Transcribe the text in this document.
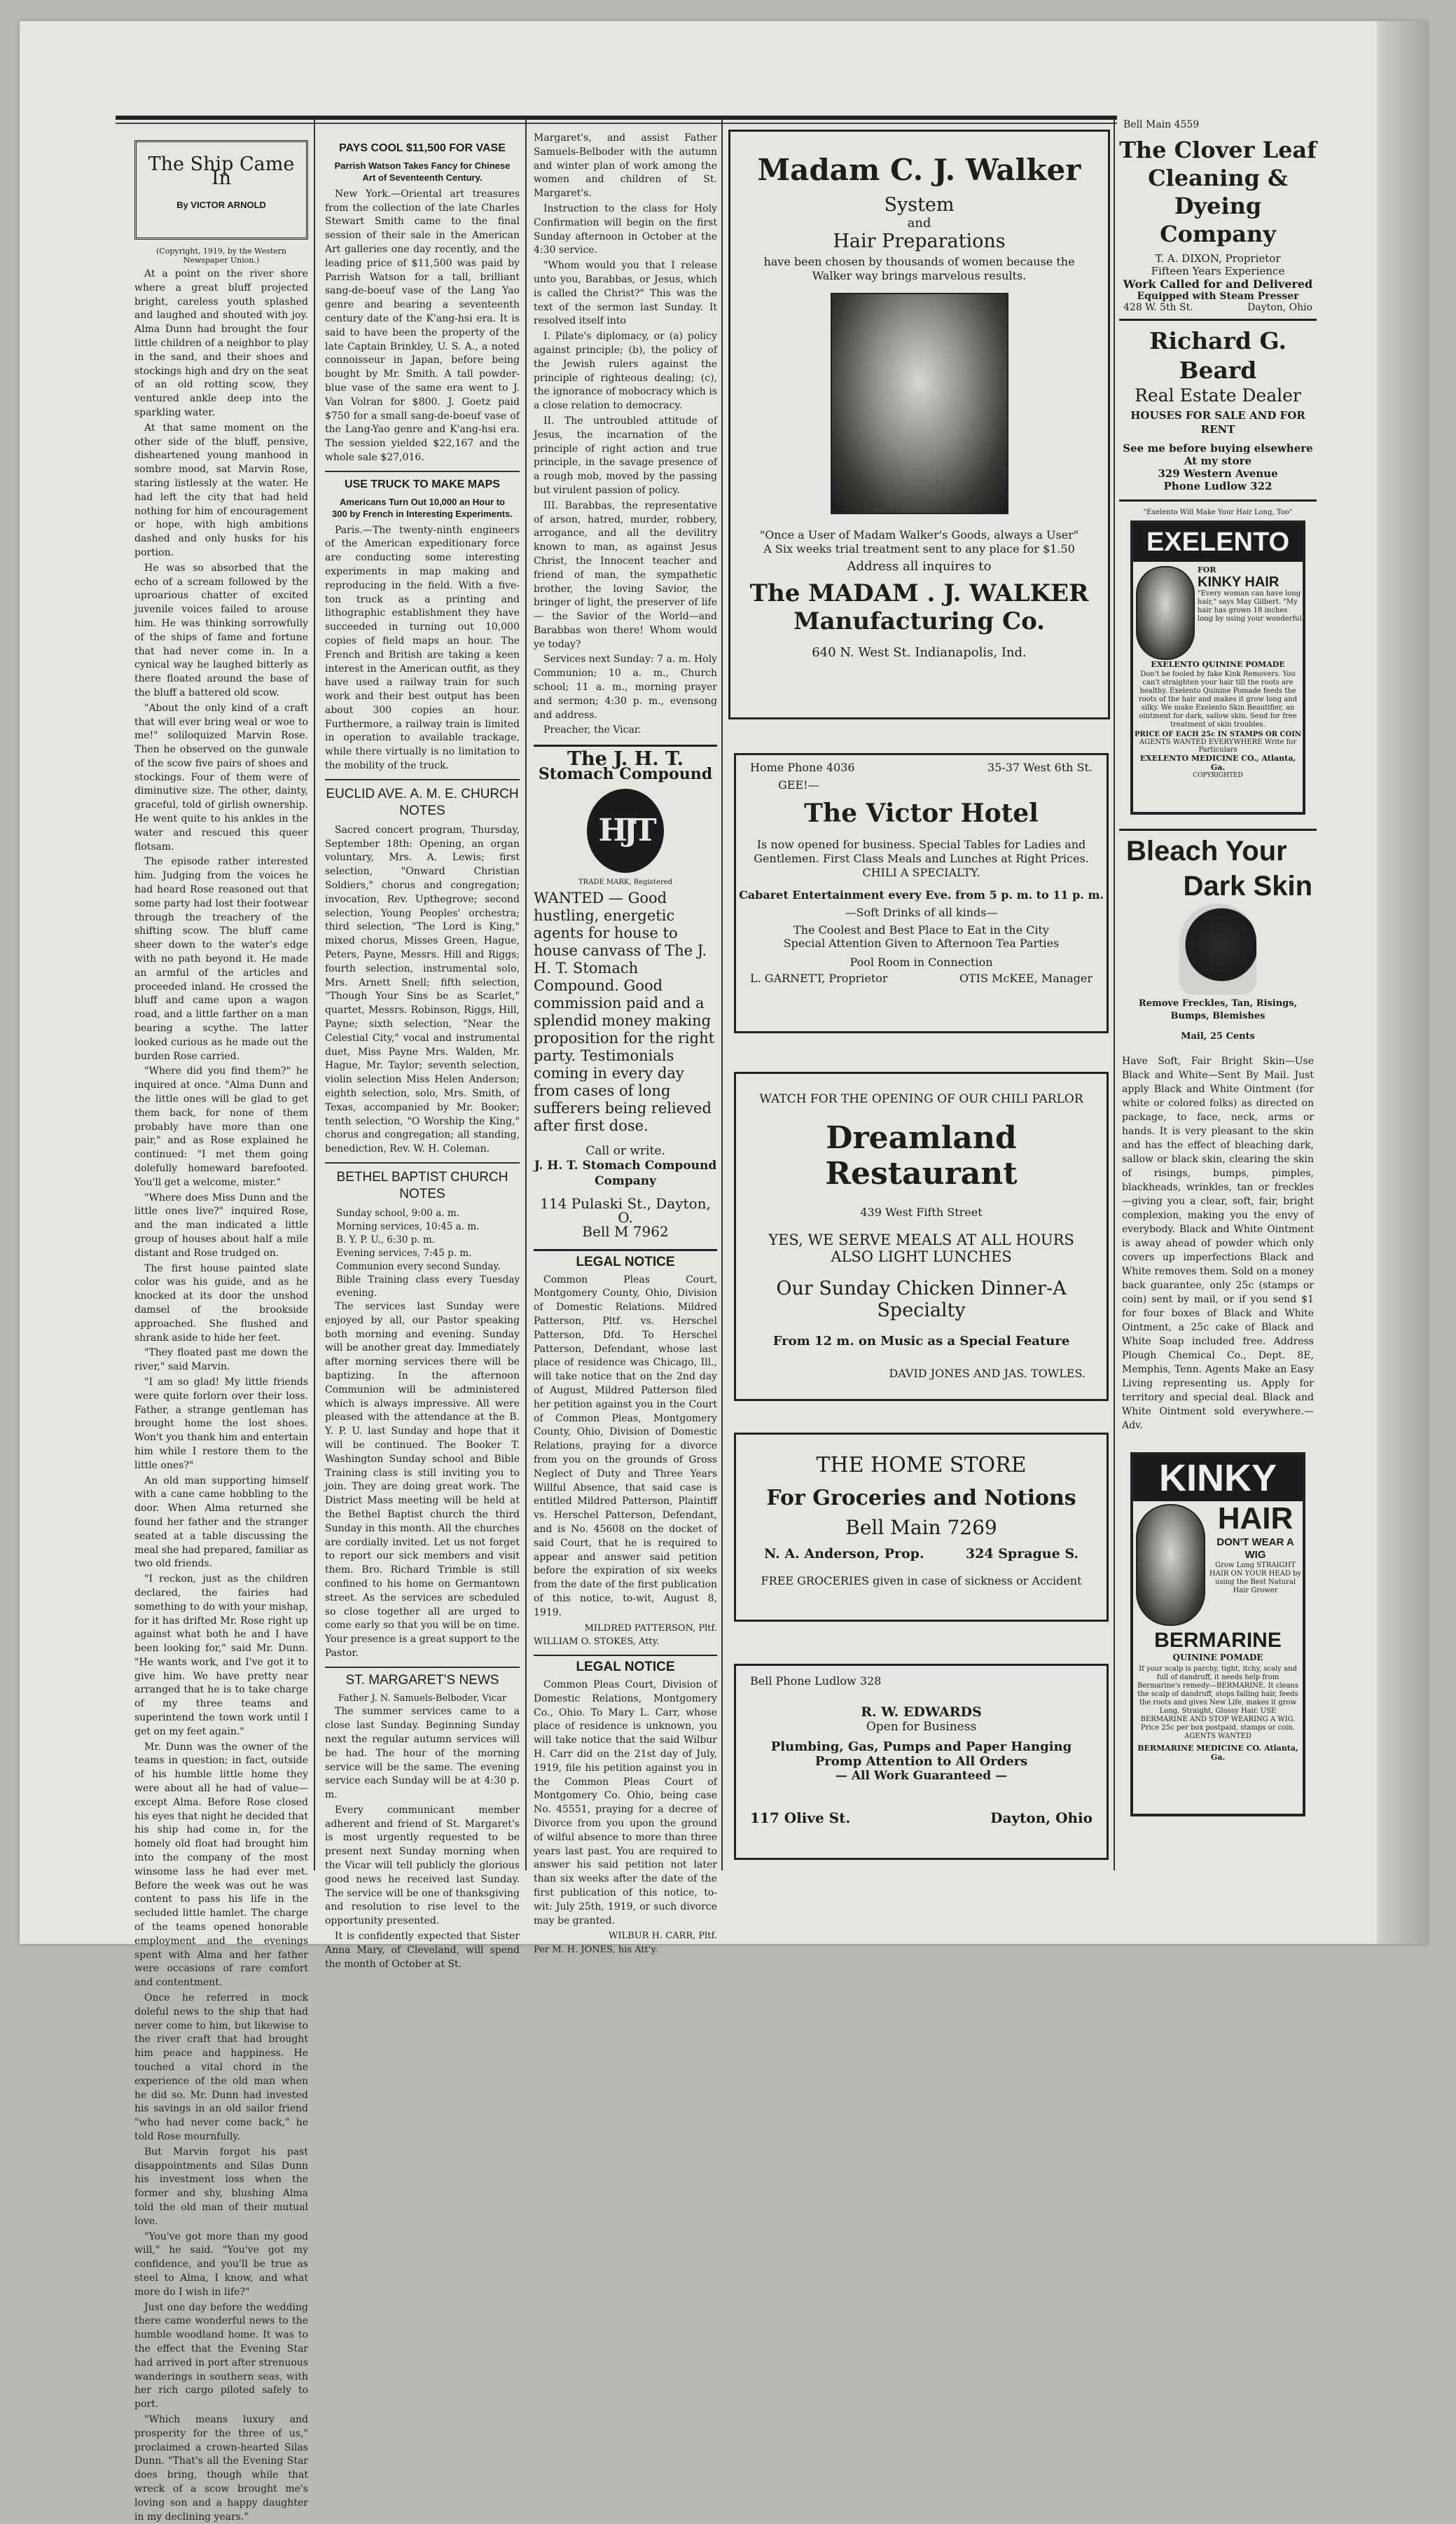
The Ship Came In
By VICTOR ARNOLD
(Copyright, 1919, by the Western Newspaper Union.)

At a point on the river shore where a great bluff projected bright, careless youth splashed and laughed and shouted with joy. Alma Dunn had brought the four little children of a neighbor to play in the sand, and their shoes and stockings high and dry on the seat of an old rotting scow, they ventured ankle deep into the sparkling water.

At that same moment on the other side of the bluff, pensive, disheartened young manhood in sombre mood, sat Marvin Rose, staring listlessly at the water. He had left the city that had held nothing for him of encouragement or hope, with high ambitions dashed and only husks for his portion.

He was so absorbed that the echo of a scream followed by the uproarious chatter of excited juvenile voices failed to arouse him. He was thinking sorrowfully of the ships of fame and fortune that had never come in. In a cynical way he laughed bitterly as there floated around the base of the bluff a battered old scow.

"About the only kind of a craft that will ever bring weal or woe to me!" soliloquized Marvin Rose. Then he observed on the gunwale of the scow five pairs of shoes and stockings. Four of them were of diminutive size. The other, dainty, graceful, told of girlish ownership. He went quite to his ankles in the water and rescued this queer flotsam.

The episode rather interested him. Judging from the voices he had heard Rose reasoned out that some party had lost their footwear through the treachery of the shifting scow. The bluff came sheer down to the water's edge with no path beyond it. He made an armful of the articles and proceeded inland. He crossed the bluff and came upon a wagon road, and a little farther on a man bearing a scythe. The latter looked curious as he made out the burden Rose carried.

"Where did you find them?" he inquired at once. "Alma Dunn and the little ones will be glad to get them back, for none of them probably have more than one pair," and as Rose explained he continued: "I met them going dolefully homeward barefooted. You'll get a welcome, mister."

"Where does Miss Dunn and the little ones live?" inquired Rose, and the man indicated a little group of houses about half a mile distant and Rose trudged on.

The first house painted slate color was his guide, and as he knocked at its door the unshod damsel of the brookside approached. She flushed and shrank aside to hide her feet.

"They floated past me down the river," said Marvin.

"I am so glad! My little friends were quite forlorn over their loss. Father, a strange gentleman has brought home the lost shoes. Won't you thank him and entertain him while I restore them to the little ones?"

An old man supporting himself with a cane came hobbling to the door. When Alma returned she found her father and the stranger seated at a table discussing the meal she had prepared, familiar as two old friends.

"I reckon, just as the children declared, the fairies had something to do with your mishap, for it has drifted Mr. Rose right up against what both he and I have been looking for," said Mr. Dunn. "He wants work, and I've got it to give him. We have pretty near arranged that he is to take charge of my three teams and superintend the town work until I get on my feet again."

Mr. Dunn was the owner of the teams in question; in fact, outside of his humble little home they were about all he had of value—except Alma. Before Rose closed his eyes that night he decided that his ship had come in, for the homely old float had brought him into the company of the most winsome lass he had ever met. Before the week was out he was content to pass his life in the secluded little hamlet. The charge of the teams opened honorable employment and the evenings spent with Alma and her father were occasions of rare comfort and contentment.

Once he referred in mock doleful news to the ship that had never come to him, but likewise to the river craft that had brought him peace and happiness. He touched a vital chord in the experience of the old man when he did so. Mr. Dunn had invested his savings in an old sailor friend "who had never come back," he told Rose mournfully.

But Marvin forgot his past disappointments and Silas Dunn his investment loss when the former and shy, blushing Alma told the old man of their mutual love.

"You've got more than my good will," he said. "You've got my confidence, and you'll be true as steel to Alma, I know, and what more do I wish in life?"

Just one day before the wedding there came wonderful news to the humble woodland home. It was to the effect that the Evening Star had arrived in port after strenuous wanderings in southern seas, with her rich cargo piloted safely to port.

"Which means luxury and prosperity for the three of us," proclaimed a crown-hearted Silas Dunn. "That's all the Evening Star does bring, though while that wreck of a scow brought me's loving son and a happy daughter in my declining years."

PAYS COOL $11,500 FOR VASE
Parrish Watson Takes Fancy for Chinese Art of Seventeenth Century.

New York.—Oriental art treasures from the collection of the late Charles Stewart Smith came to the final session of their sale in the American Art galleries one day recently, and the leading price of $11,500 was paid by Parrish Watson for a tall, brilliant sang-de-boeuf vase of the Lang Yao genre and bearing a seventeenth century date of the K'ang-hsi era. It is said to have been the property of the late Captain Brinkley, U. S. A., a noted connoisseur in Japan, before being bought by Mr. Smith. A tall powder-blue vase of the same era went to J. Van Volran for $800. J. Goetz paid $750 for a small sang-de-boeuf vase of the Lang-Yao genre and K'ang-hsi era. The session yielded $22,167 and the whole sale $27,016.

USE TRUCK TO MAKE MAPS
Americans Turn Out 10,000 an Hour to 300 by French in Interesting Experiments.

Paris.—The twenty-ninth engineers of the American expeditionary force are conducting some interesting experiments in map making and reproducing in the field. With a five-ton truck as a printing and lithographic establishment they have succeeded in turning out 10,000 copies of field maps an hour. The French and British are taking a keen interest in the American outfit, as they have used a railway train for such work and their best output has been about 300 copies an hour. Furthermore, a railway train is limited in operation to available trackage, while there virtually is no limitation to the mobility of the truck.

EUCLID AVE. A. M. E. CHURCH NOTES

Sacred concert program, Thursday, September 18th: Opening, an organ voluntary, Mrs. A. Lewis; first selection, "Onward Christian Soldiers," chorus and congregation; invocation, Rev. Upthegrove; second selection, Young Peoples' orchestra; third selection, "The Lord is King," mixed chorus, Misses Green, Hague, Peters, Payne, Messrs. Hill and Riggs; fourth selection, instrumental solo, Mrs. Arnett Snell; fifth selection, "Though Your Sins be as Scarlet," quartet, Messrs. Robinson, Riggs, Hill, Payne; sixth selection, "Near the Celestial City," vocal and instrumental duet, Miss Payne Mrs. Walden, Mr. Hague, Mr. Taylor; seventh selection, violin selection Miss Helen Anderson; eighth selection, solo, Mrs. Smith, of Texas, accompanied by Mr. Booker; tenth selection, "O Worship the King," chorus and congregation; all standing, benediction, Rev. W. H. Coleman.

BETHEL BAPTIST CHURCH NOTES
Sunday school, 9:00 a. m.
Morning services, 10:45 a. m.
B. Y. P. U., 6:30 p. m.
Evening services, 7:45 p. m.
Communion every second Sunday.
Bible Training class every Tuesday evening.

The services last Sunday were enjoyed by all, our Pastor speaking both morning and evening. Sunday will be another great day. Immediately after morning services there will be baptizing. In the afternoon Communion will be administered which is always impressive. All were pleased with the attendance at the B. Y. P. U. last Sunday and hope that it will be continued. The Booker T. Washington Sunday school and Bible Training class is still inviting you to join. They are doing great work. The District Mass meeting will be held at the Bethel Baptist church the third Sunday in this month. All the churches are cordially invited. Let us not forget to report our sick members and visit them. Bro. Richard Trimble is still confined to his home on Germantown street. As the services are scheduled so close together all are urged to come early so that you will be on time. Your presence is a great support to the Pastor.

ST. MARGARET'S NEWS
Father J. N. Samuels-Belboder, Vicar

The summer services came to a close last Sunday. Beginning Sunday next the regular autumn services will be had. The hour of the morning service will be the same. The evening service each Sunday will be at 4:30 p. m.

Every communicant member adherent and friend of St. Margaret's is most urgently requested to be present next Sunday morning when the Vicar will tell publicly the glorious good news he received last Sunday. The service will be one of thanksgiving and resolution to rise level to the opportunity presented.

It is confidently expected that Sister Anna Mary, of Cleveland, will spend the month of October at St.

Margaret's, and assist Father Samuels-Belboder with the autumn and winter plan of work among the women and children of St. Margaret's.

Instruction to the class for Holy Confirmation will begin on the first Sunday afternoon in October at the 4:30 service.

"Whom would you that I release unto you, Barabbas, or Jesus, which is called the Christ?" This was the text of the sermon last Sunday. It resolved itself into

I. Pilate's diplomacy, or (a) policy against principle; (b), the policy of the Jewish rulers against the principle of righteous dealing; (c), the ignorance of mobocracy which is a close relation to democracy.

II. The untroubled attitude of Jesus, the incarnation of the principle of right action and true principle, in the savage presence of a rough mob, moved by the passing but virulent passion of policy.

III. Barabbas, the representative of arson, hatred, murder, robbery, arrogance, and all the devilitry known to man, as against Jesus Christ, the Innocent teacher and friend of man, the sympathetic brother, the loving Savior, the bringer of light, the preserver of life — the Savior of the World—and Barabbas won there! Whom would ye today?

Services next Sunday: 7 a. m. Holy Communion; 10 a. m., Church school; 11 a. m., morning prayer and sermon; 4:30 p. m., evensong and address.

Preacher, the Vicar.

The J. H. T.
Stomach Compound
HJT
TRADE MARK, Registered
WANTED — Good hustling, energetic agents for house to house canvass of The J. H. T. Stomach Compound. Good commission paid and a splendid money making proposition for the right party. Testimonials coming in every day from cases of long sufferers being relieved after first dose.
Call or write.
J. H. T. Stomach Compound Company
114 Pulaski St., Dayton, O.
Bell M 7962
LEGAL NOTICE

Common Pleas Court, Montgomery County, Ohio, Division of Domestic Relations. Mildred Patterson, Pltf. vs. Herschel Patterson, Dfd. To Herschel Patterson, Defendant, whose last place of residence was Chicago, Ill., will take notice that on the 2nd day of August, Mildred Patterson filed her petition against you in the Court of Common Pleas, Montgomery County, Ohio, Division of Domestic Relations, praying for a divorce from you on the grounds of Gross Neglect of Duty and Three Years Willful Absence, that said case is entitled Mildred Patterson, Plaintiff vs. Herschel Patterson, Defendant, and is No. 45608 on the docket of said Court, that he is required to appear and answer said petition before the expiration of six weeks from the date of the first publication of this notice, to-wit, August 8, 1919.

MILDRED PATTERSON, Pltf.
WILLIAM O. STOKES, Atty.
LEGAL NOTICE

Common Pleas Court, Division of Domestic Relations, Montgomery Co., Ohio. To Mary L. Carr, whose place of residence is unknown, you will take notice that the said Wilbur H. Carr did on the 21st day of July, 1919, file his petition against you in the Common Pleas Court of Montgomery Co. Ohio, being case No. 45551, praying for a decree of Divorce from you upon the ground of wilful absence to more than three years last past. You are required to answer his said petition not later than six weeks after the date of the first publication of this notice, to-wit: July 25th, 1919, or such divorce may be granted.

WILBUR H. CARR, Pltf.
Per M. H. JONES, his Att'y.
Madam C. J. Walker
System
and
Hair Preparations
have been chosen by thousands of women because the Walker way brings marvelous results.
"Once a User of Madam Walker's Goods, always a User"
A Six weeks trial treatment sent to any place for $1.50
Address all inquires to
The MADAM . J. WALKER
Manufacturing Co.
640 N. West St. Indianapolis, Ind.
Home Phone 4036	35-37 West 6th St.
GEE!—
The Victor Hotel
Is now opened for business. Special Tables for Ladies and Gentlemen. First Class Meals and Lunches at Right Prices. CHILI A SPECIALTY.
Cabaret Entertainment every Eve. from 5 p. m. to 11 p. m.
—Soft Drinks of all kinds—
The Coolest and Best Place to Eat in the City
Special Attention Given to Afternoon Tea Parties
Pool Room in Connection
L. GARNETT, Proprietor	OTIS McKEE, Manager
WATCH FOR THE OPENING OF OUR CHILI PARLOR
Dreamland Restaurant
439 West Fifth Street
YES, WE SERVE MEALS AT ALL HOURS
ALSO LIGHT LUNCHES
Our Sunday Chicken Dinner-A Specialty
From 12 m. on Music as a Special Feature
DAVID JONES AND JAS. TOWLES.
THE HOME STORE
For Groceries and Notions
Bell Main 7269
N. A. Anderson, Prop.	324 Sprague S.
FREE GROCERIES given in case of sickness or Accident
Bell Phone Ludlow 328
R. W. EDWARDS
Open for Business
Plumbing, Gas, Pumps and Paper Hanging
Promp Attention to All Orders
— All Work Guaranteed —
117 Olive St.	Dayton, Ohio
Bell Main 4559
The Clover Leaf
Cleaning & Dyeing
Company
T. A. DIXON, Proprietor
Fifteen Years Experience
Work Called for and Delivered
Equipped with Steam Presser
428 W. 5th St.	Dayton, Ohio
Richard G. Beard
Real Estate Dealer
HOUSES FOR SALE AND FOR RENT
See me before buying elsewhere
At my store
329 Western Avenue
Phone Ludlow 322
"Exelento Will Make Your Hair Long, Too"
EXELENTO
FOR
KINKY HAIR
"Every woman can have long hair," says May Gilbert. "My hair has grown 18 inches long by using your wonderful
EXELENTO QUININE POMADE
Don't be fooled by fake Kink Removers. You can't straighten your hair till the roots are healthy. Exelento Quinine Pomade feeds the roots of the hair and makes it grow long and silky. We make Exelento Skin Beautifier, an ointment for dark, sallow skin. Send for free treatment of skin troubles.
PRICE OF EACH 25c IN STAMPS OR COIN
AGENTS WANTED EVERYWHERE Write for Particulars
EXELENTO MEDICINE CO., Atlanta, Ga.
COPYRIGHTED
Bleach Your
Dark Skin
Remove Freckles, Tan, Risings, Bumps, Blemishes
Mail, 25 Cents
Have Soft, Fair Bright Skin—Use Black and White—Sent By Mail. Just apply Black and White Ointment (for white or colored folks) as directed on package, to face, neck, arms or hands. It is very pleasant to the skin and has the effect of bleaching dark, sallow or black skin, clearing the skin of risings, bumps, pimples, blackheads, wrinkles, tan or freckles—giving you a clear, soft, fair, bright complexion, making you the envy of everybody. Black and White Ointment is away ahead of powder which only covers up imperfections Black and White removes them. Sold on a money back guarantee, only 25c (stamps or coin) sent by mail, or if you send $1 for four boxes of Black and White Ointment, a 25c cake of Black and White Soap included free. Address Plough Chemical Co., Dept. 8E, Memphis, Tenn. Agents Make an Easy Living representing us. Apply for territory and special deal. Black and White Ointment sold everywhere.—Adv.
KINKY
HAIR
DON'T WEAR A WIG
Grow Long STRAIGHT HAIR ON YOUR HEAD by using the Best Natural Hair Grower
BERMARINE
QUININE POMADE
If your scalp is parchy, tight, itchy, scaly and full of dandruff, it needs help from Bermarine's remedy—BERMARINE. It cleans the scalp of dandruff, stops falling hair, feeds the roots and gives New Life, makes it grow Long, Straight, Glossy Hair. USE BERMARINE AND STOP WEARING A WIG. Price 25c per box postpaid, stamps or coin. AGENTS WANTED
BERMARINE MEDICINE CO. Atlanta, Ga.
